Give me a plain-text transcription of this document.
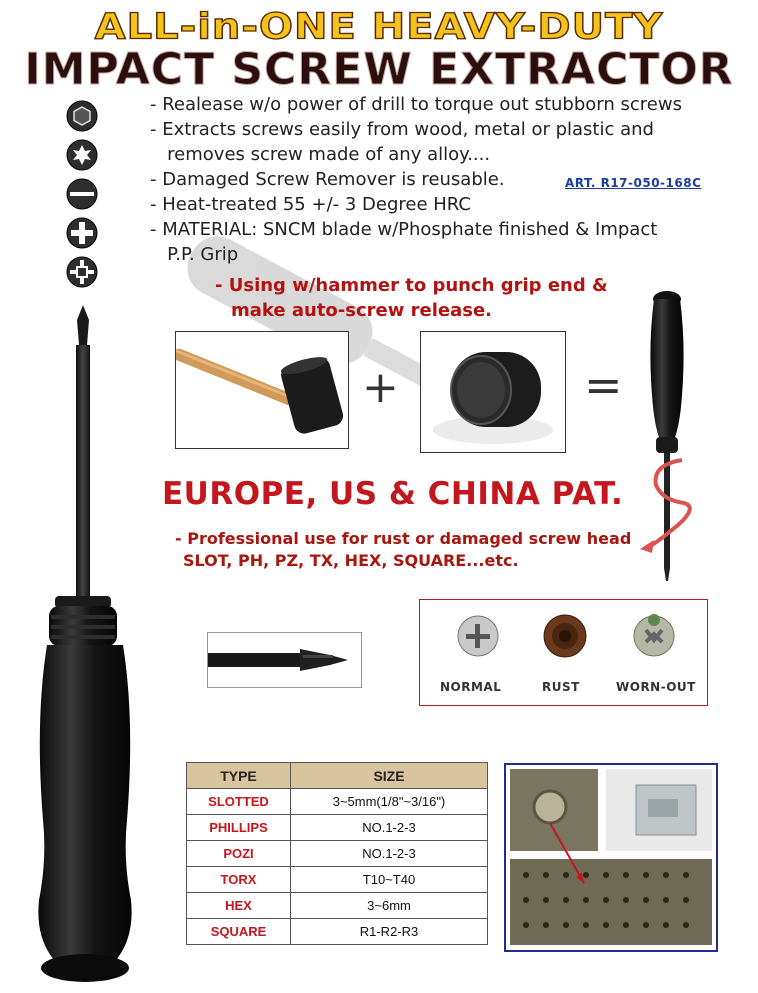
ALL-in-ONE HEAVY-DUTY
IMPACT SCREW EXTRACTOR
- Realease w/o power of drill to torque out stubborn screws
- Extracts screws easily from wood, metal or plastic and
removes screw made of any alloy....
- Damaged Screw Remover is reusable.
- Heat-treated 55 +/- 3 Degree HRC
- MATERIAL: SNCM blade w/Phosphate finished & Impact
P.P. Grip
ART. R17-050-168C
- Using w/hammer to punch grip end &
make auto-screw release.
+	=
EUROPE, US & CHINA PAT.
- Professional use for rust or damaged screw head
SLOT, PH, PZ, TX, HEX, SQUARE...etc.
NORMAL	RUST	WORN-OUT
TYPE	SIZE
SLOTTED	3~5mm(1/8"~3/16")
PHILLIPS	NO.1-2-3
POZI	NO.1-2-3
TORX	T10~T40
HEX	3~6mm
SQUARE	R1-R2-R3
